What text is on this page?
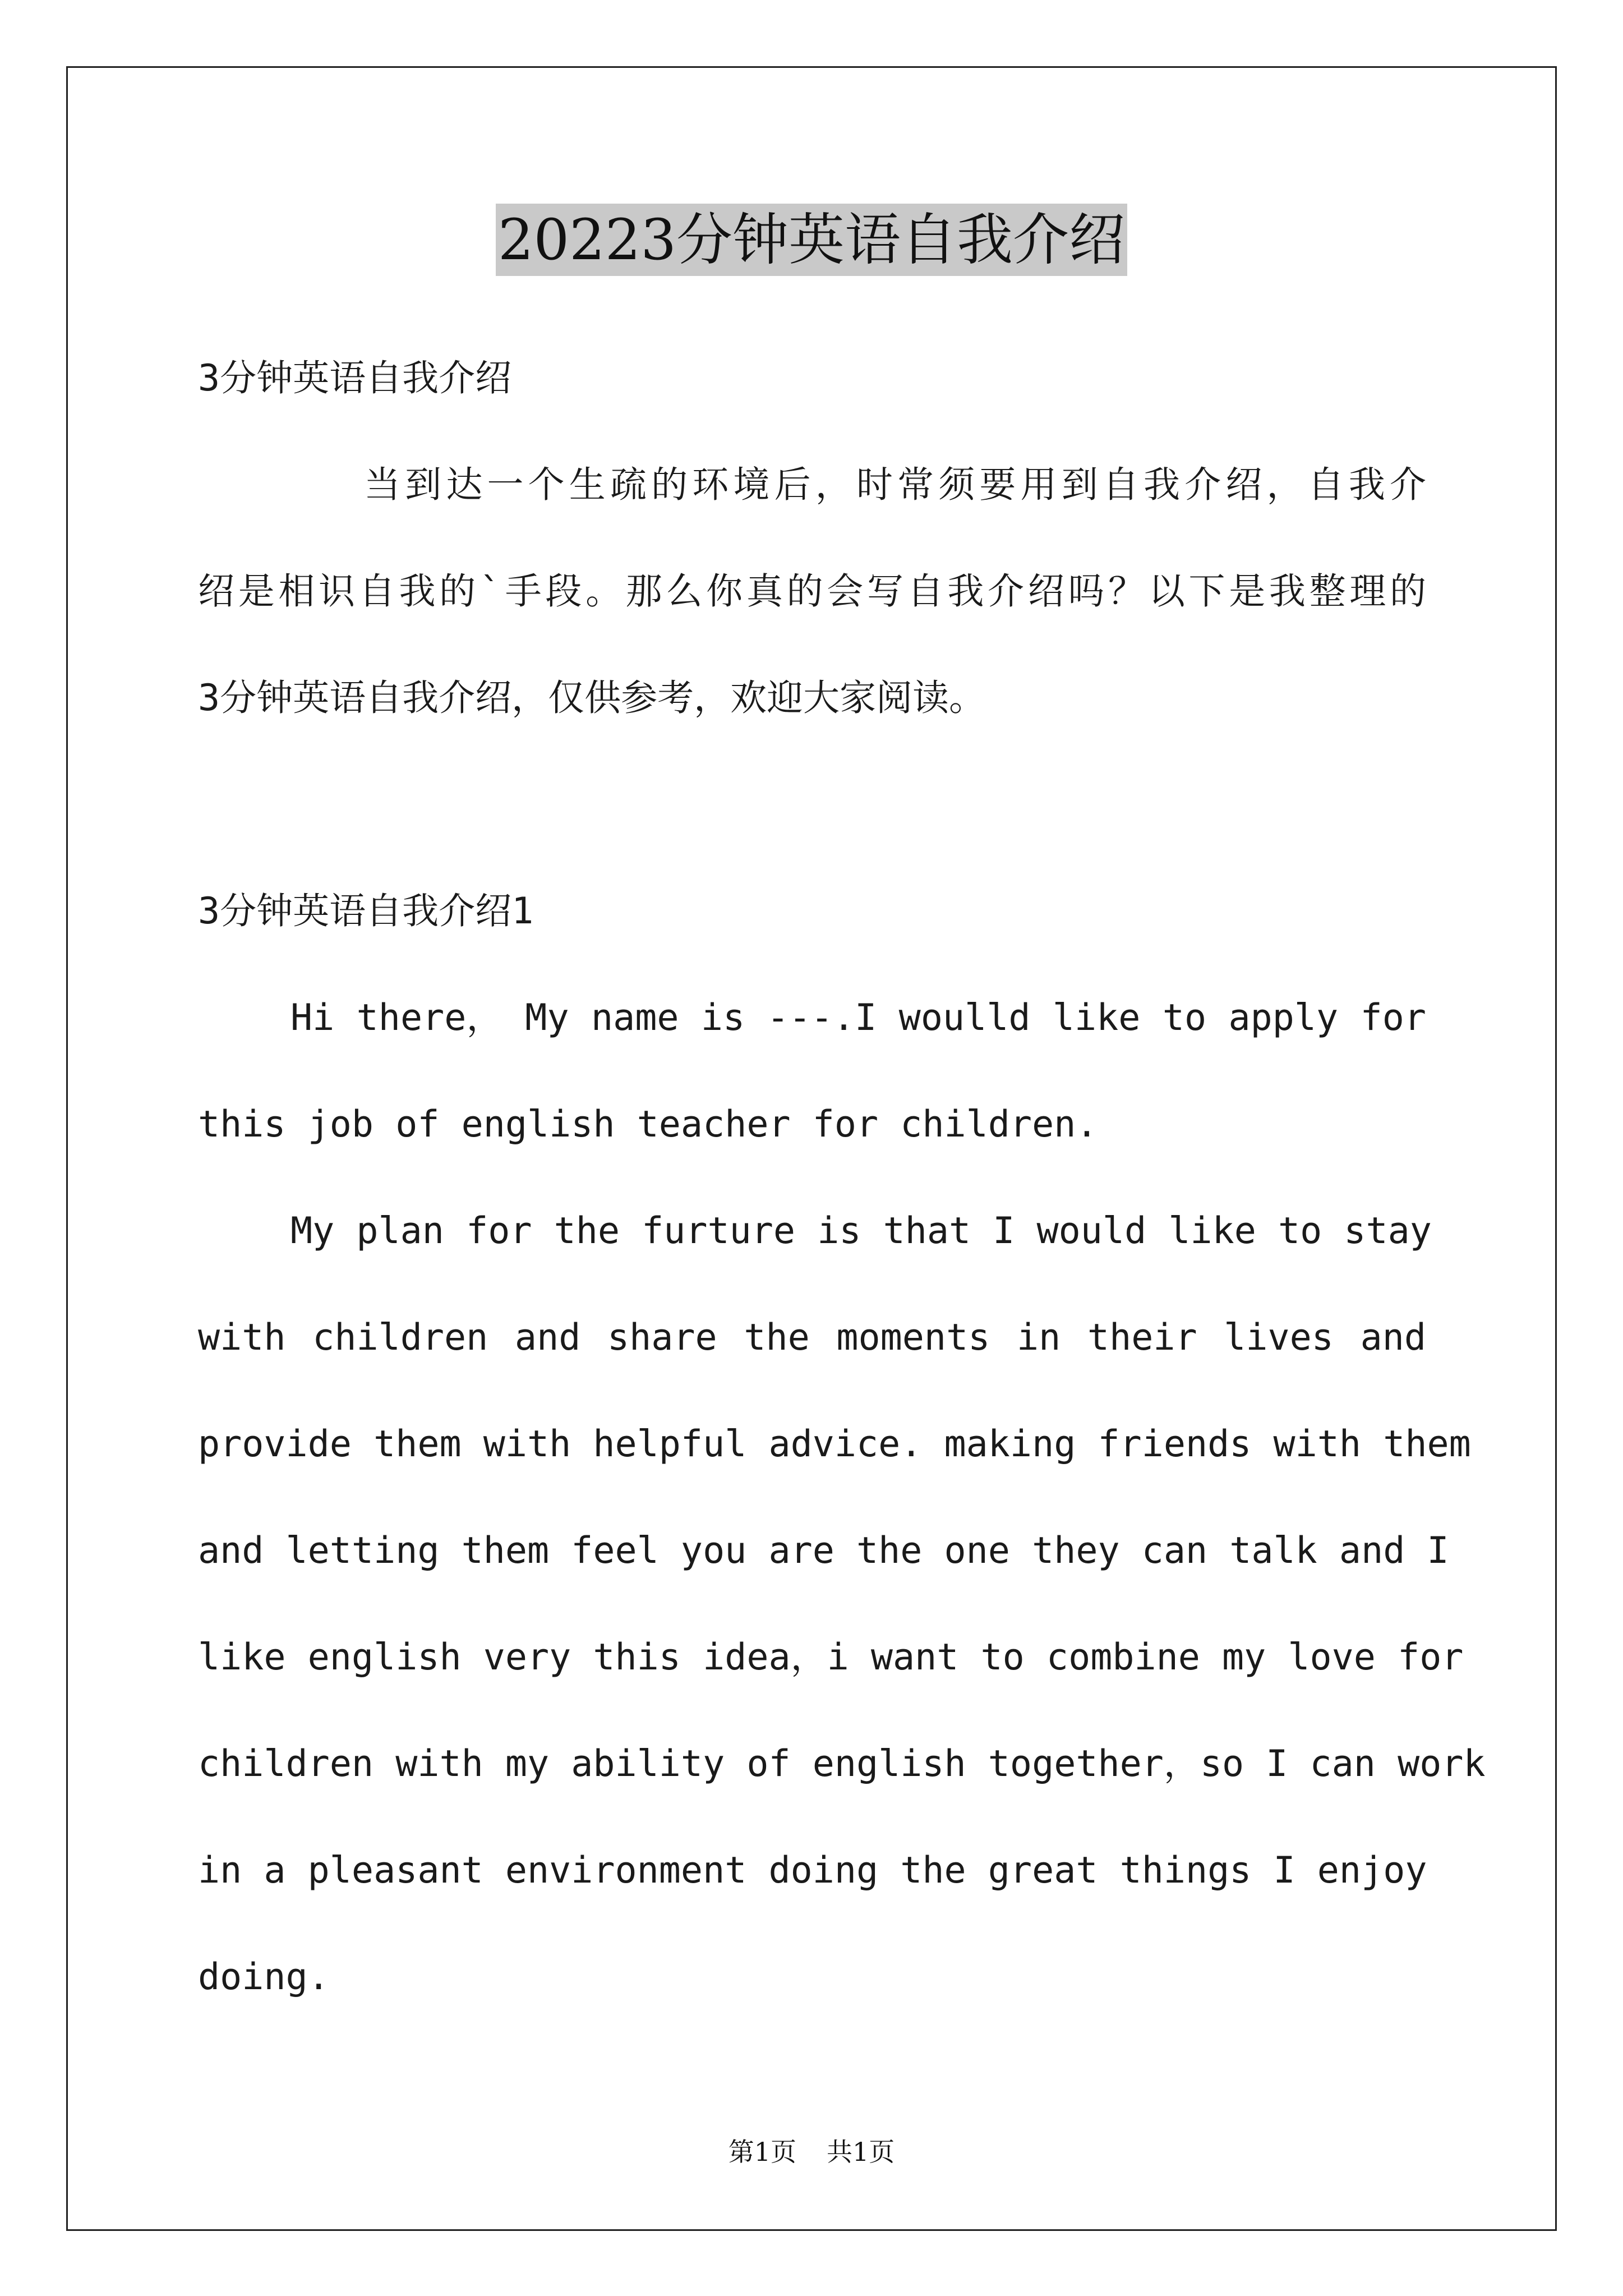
20223分钟英语自我介绍
3分钟英语自我介绍
当到达一个生疏的环境后，时常须要用到自我介绍，自我介
绍是相识自我的`手段。那么你真的会写自我介绍吗？以下是我整理的
3分钟英语自我介绍，仅供参考，欢迎大家阅读。
3分钟英语自我介绍1
Hi there， My name is ---.I woulld like to apply for
this job of english teacher for children.
My plan for the furture is that I would like to stay
with children and share the moments in their lives and
provide them with helpful advice. making friends with them
and letting them feel you are the one they can talk and I
like english very this idea，i want to combine my love for
children with my ability of english together，so I can work
in a pleasant environment doing the great things I enjoy
doing.
第1页 共1页
